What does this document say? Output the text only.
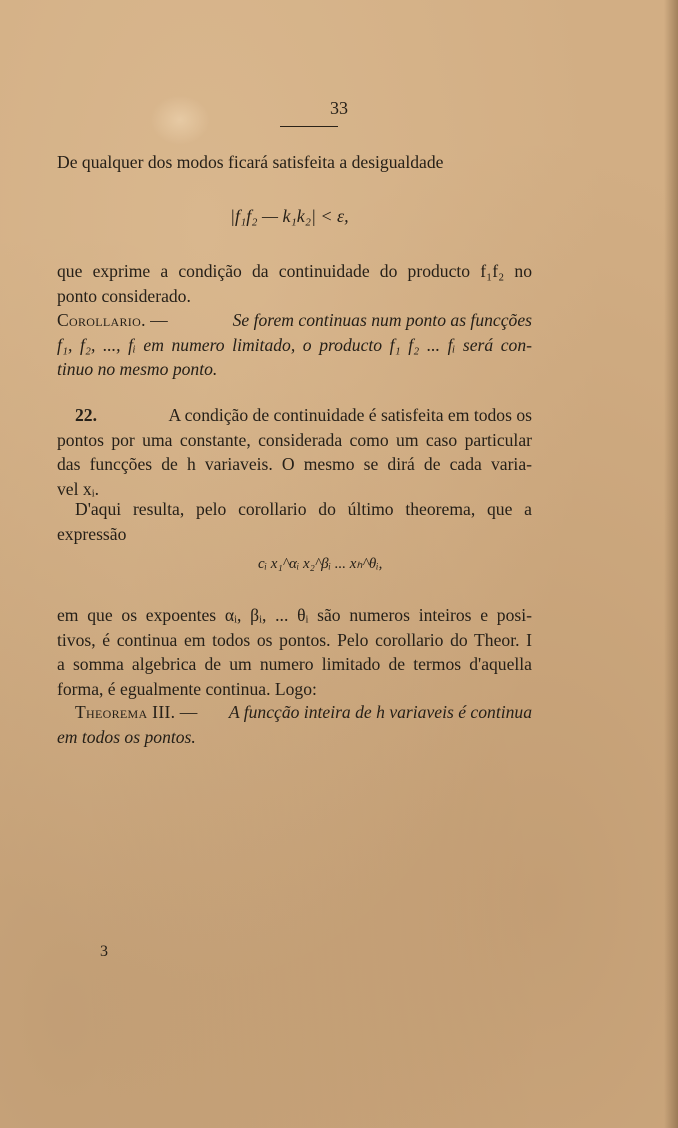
33
De qualquer dos modos ficará satisfeita a desigualdade
|f₁f₂ — k₁k₂| < ε,
que exprime a condição da continuidade do producto f₁f₂ no
ponto considerado.
Corollario. —	Se forem continuas num ponto as funcções
f₁, f₂, ..., fᵢ em numero limitado, o producto f₁ f₂ ... fᵢ será con-
tinuo no mesmo ponto.
22.	A condição de continuidade é satisfeita em todos os
pontos por uma constante, considerada como um caso particular
das funcções de h variaveis. O mesmo se dirá de cada varia-
vel xᵢ.
D'aqui resulta, pelo corollario do último theorema, que a
expressão
cᵢ x₁^αᵢ x₂^βᵢ ... xₕ^θᵢ,
em que os expoentes αᵢ, βᵢ, ... θᵢ são numeros inteiros e posi-
tivos, é continua em todos os pontos. Pelo corollario do Theor. I
a somma algebrica de um numero limitado de termos d'aquella
forma, é egualmente continua. Logo:
Theorema III. — A funcção inteira de h variaveis é continua
em todos os pontos.
3
